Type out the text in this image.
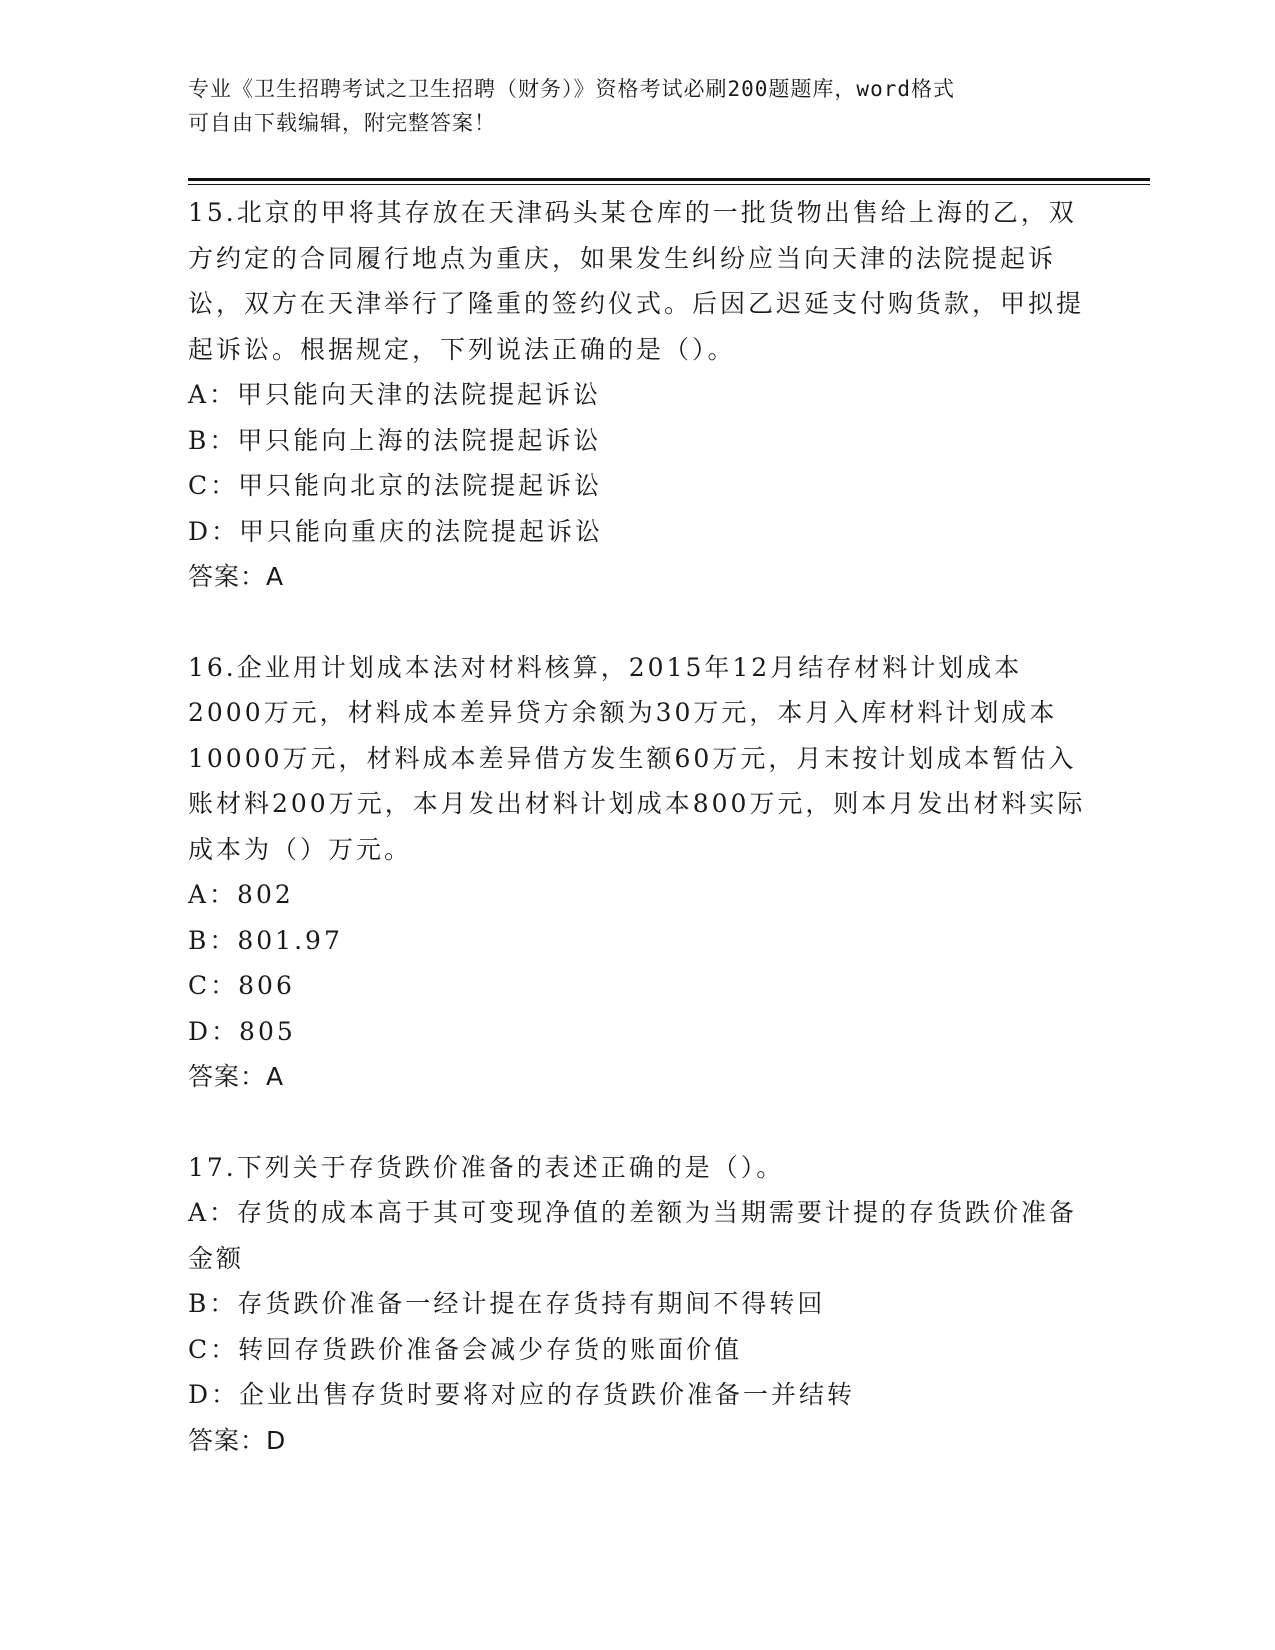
专业《卫生招聘考试之卫生招聘（财务）》资格考试必刷200题题库，word格式
可自由下载编辑，附完整答案！

15.北京的甲将其存放在天津码头某仓库的一批货物出售给上海的乙，双方约定的合同履行地点为重庆，如果发生纠纷应当向天津的法院提起诉讼，双方在天津举行了隆重的签约仪式。后因乙迟延支付购货款，甲拟提起诉讼。根据规定，下列说法正确的是（）。

A：甲只能向天津的法院提起诉讼

B：甲只能向上海的法院提起诉讼

C：甲只能向北京的法院提起诉讼

D：甲只能向重庆的法院提起诉讼

答案：A

16.企业用计划成本法对材料核算，2015年12月结存材料计划成本2000万元，材料成本差异贷方余额为30万元，本月入库材料计划成本10000万元，材料成本差异借方发生额60万元，月末按计划成本暂估入账材料200万元，本月发出材料计划成本800万元，则本月发出材料实际成本为（）万元。

A：802

B：801.97

C：806

D：805

答案：A

17.下列关于存货跌价准备的表述正确的是（）。

A：存货的成本高于其可变现净值的差额为当期需要计提的存货跌价准备金额

B：存货跌价准备一经计提在存货持有期间不得转回

C：转回存货跌价准备会减少存货的账面价值

D：企业出售存货时要将对应的存货跌价准备一并结转

答案：D
